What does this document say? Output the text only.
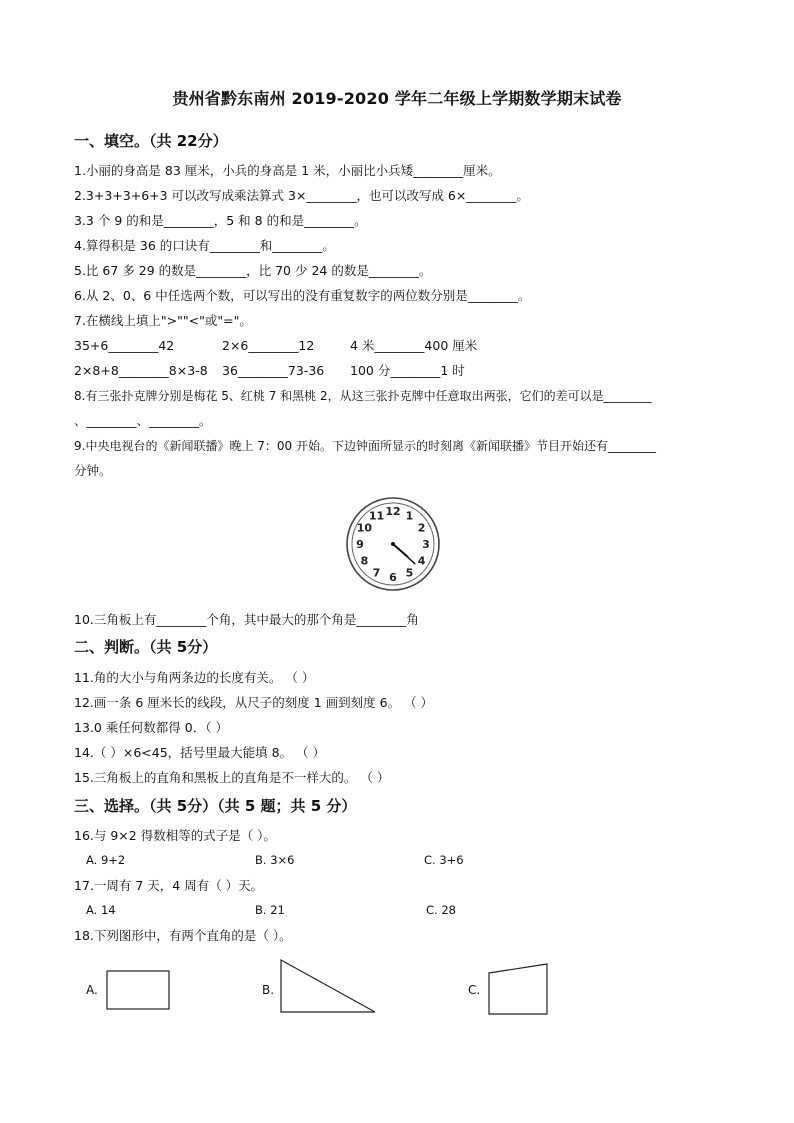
贵州省黔东南州 2019-2020 学年二年级上学期数学期末试卷
一、填空。（共 22分）
1.小丽的身高是 83 厘米，小兵的身高是 1 米，小丽比小兵矮________厘米。
2.3+3+3+6+3 可以改写成乘法算式 3×________，也可以改写成 6×________。
3.3 个 9 的和是________，5 和 8 的和是________。
4.算得积是 36 的口诀有________和________。
5.比 67 多 29 的数是________，比 70 少 24 的数是________。
6.从 2、0、6 中任选两个数，可以写出的没有重复数字的两位数分别是________。
7.在横线上填上">""<"或"="。
35+6________42	2×6________12	4 米________400 厘米
2×8+8________8×3-8 36________73-36 100 分________1 时
8.有三张扑克牌分别是梅花 5、红桃 7 和黑桃 2，从这三张扑克牌中任意取出两张，它们的差可以是________
、________、________。
9.中央电视台的《新闻联播》晚上 7：00 开始。下边钟面所显示的时刻离《新闻联播》节目开始还有________
分钟。
12 1
2
3
4
5
6
7
8
9
10
11
10.三角板上有________个角，其中最大的那个角是________角
二、判断。（共 5分）
11.角的大小与角两条边的长度有关。 （ ）
12.画一条 6 厘米长的线段，从尺子的刻度 1 画到刻度 6。 （ ）
13.0 乘任何数都得 0．（ ）
14.（ ）×6<45，括号里最大能填 8。 （ ）
15.三角板上的直角和黑板上的直角是不一样大的。 （ ）
三、选择。（共 5分）（共 5 题；共 5 分）
16.与 9×2 得数相等的式子是（ ）。
A. 9+2	B. 3×6	C. 3+6
17.一周有 7 天，4 周有（ ）天。
A. 14	B. 21	C. 28
18.下列图形中，有两个直角的是（ ）。
A.	B.	C.
